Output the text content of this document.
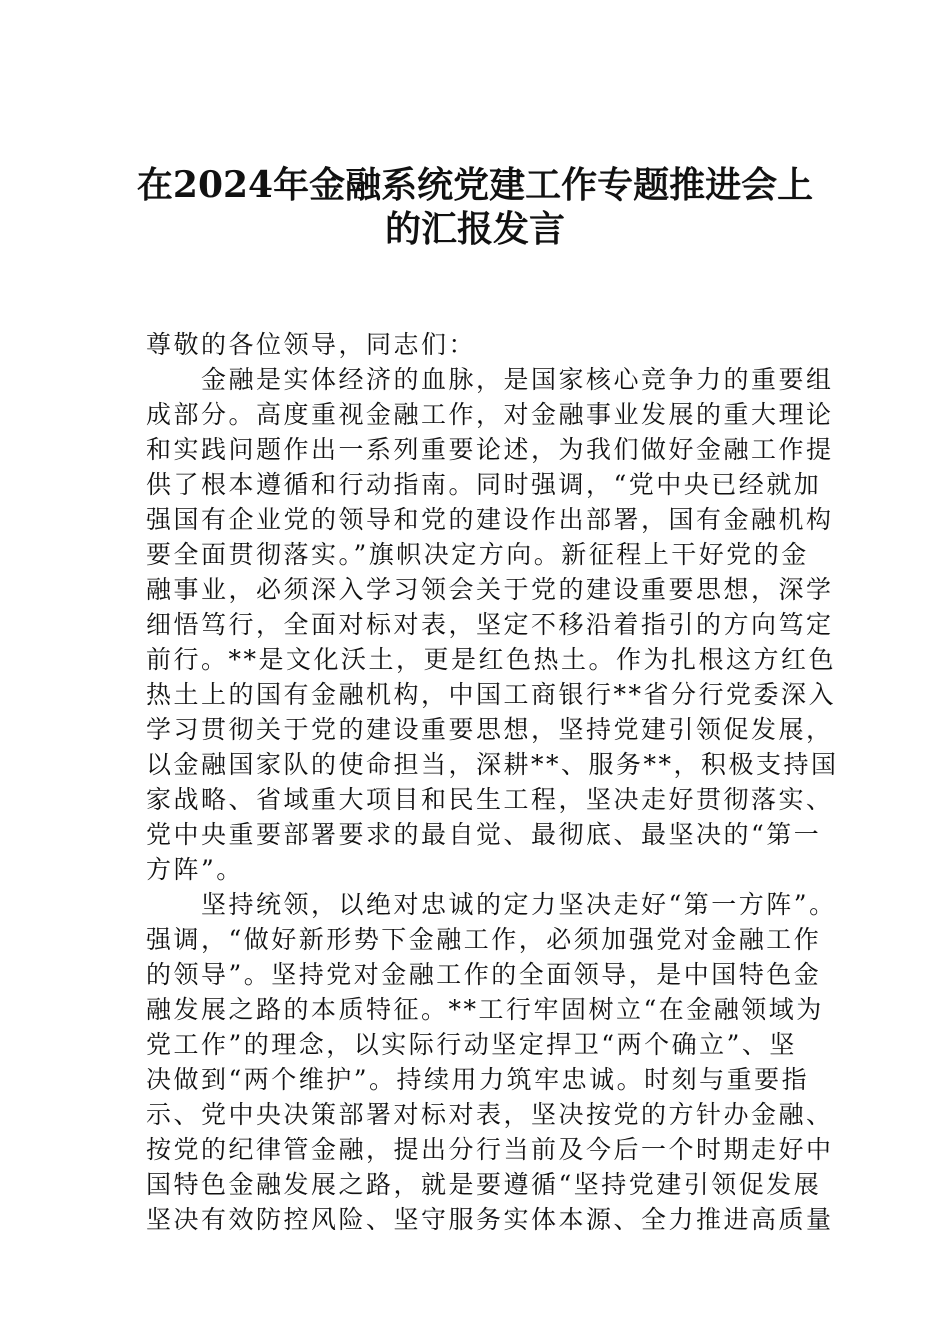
在2024年金融系统党建工作专题推进会上
的汇报发言
尊敬的各位领导，同志们：
　　金融是实体经济的血脉，是国家核心竞争力的重要组
成部分。高度重视金融工作，对金融事业发展的重大理论
和实践问题作出一系列重要论述，为我们做好金融工作提
供了根本遵循和行动指南。同时强调，“党中央已经就加
强国有企业党的领导和党的建设作出部署，国有金融机构
要全面贯彻落实。”旗帜决定方向。新征程上干好党的金
融事业，必须深入学习领会关于党的建设重要思想，深学
细悟笃行，全面对标对表，坚定不移沿着指引的方向笃定
前行。**是文化沃土，更是红色热土。作为扎根这方红色
热土上的国有金融机构，中国工商银行**省分行党委深入
学习贯彻关于党的建设重要思想，坚持党建引领促发展，
以金融国家队的使命担当，深耕**、服务**，积极支持国
家战略、省域重大项目和民生工程，坚决走好贯彻落实、
党中央重要部署要求的最自觉、最彻底、最坚决的“第一
方阵”。
　　坚持统领，以绝对忠诚的定力坚决走好“第一方阵”。
强调，“做好新形势下金融工作，必须加强党对金融工作
的领导”。坚持党对金融工作的全面领导，是中国特色金
融发展之路的本质特征。**工行牢固树立“在金融领域为
党工作”的理念，以实际行动坚定捍卫“两个确立”、坚
决做到“两个维护”。持续用力筑牢忠诚。时刻与重要指
示、党中央决策部署对标对表，坚决按党的方针办金融、
按党的纪律管金融，提出分行当前及今后一个时期走好中
国特色金融发展之路，就是要遵循“坚持党建引领促发展
坚决有效防控风险、坚守服务实体本源、全力推进高质量
